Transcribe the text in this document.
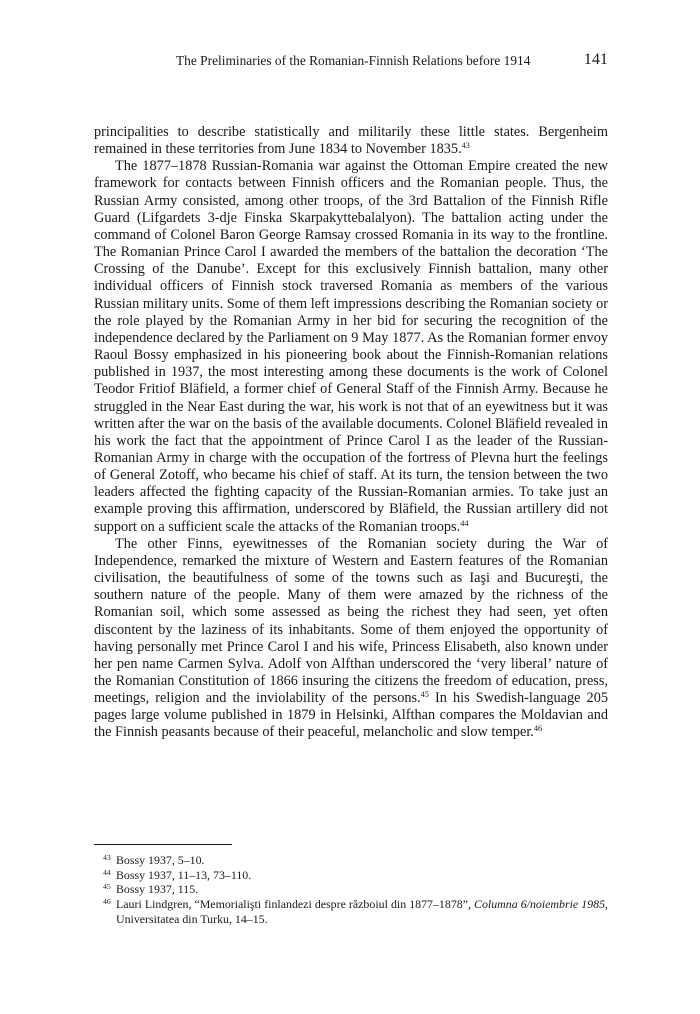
The Preliminaries of the Romanian-Finnish Relations before 1914	141

principalities to describe statistically and militarily these little states. Bergenheim remained in these territories from June 1834 to November 1835.43

The 1877–1878 Russian-Romania war against the Ottoman Empire created the new framework for contacts between Finnish officers and the Romanian people. Thus, the Russian Army consisted, among other troops, of the 3rd Battalion of the Finnish Rifle Guard (Lifgardets 3-dje Finska Skarpakyttebalalyon). The battalion acting under the command of Colonel Baron George Ramsay crossed Romania in its way to the frontline. The Romanian Prince Carol I awarded the members of the battalion the decoration ‘The Crossing of the Danube’. Except for this exclusively Finnish battalion, many other individual officers of Finnish stock traversed Romania as members of the various Russian military units. Some of them left impressions describing the Romanian society or the role played by the Romanian Army in her bid for securing the recognition of the independence declared by the Parliament on 9 May 1877. As the Romanian former envoy Raoul Bossy emphasized in his pioneering book about the Finnish-Romanian relations published in 1937, the most interesting among these documents is the work of Colonel Teodor Fritiof Bläfield, a former chief of General Staff of the Finnish Army. Because he struggled in the Near East during the war, his work is not that of an eyewitness but it was written after the war on the basis of the available documents. Colonel Bläfield revealed in his work the fact that the appointment of Prince Carol I as the leader of the Russian-Romanian Army in charge with the occupation of the fortress of Plevna hurt the feelings of General Zotoff, who became his chief of staff. At its turn, the tension between the two leaders affected the fighting capacity of the Russian-Romanian armies. To take just an example proving this affirmation, underscored by Bläfield, the Russian artillery did not support on a sufficient scale the attacks of the Romanian troops.$^{44}$

The other Finns, eyewitnesses of the Romanian society during the War of Independence, remarked the mixture of Western and Eastern features of the Romanian civilisation, the beautifulness of some of the towns such as Iaşi and Bucureşti, the southern nature of the people. Many of them were amazed by the richness of the Romanian soil, which some assessed as being the richest they had seen, yet often discontent by the laziness of its inhabitants. Some of them enjoyed the opportunity of having personally met Prince Carol I and his wife, Princess Elisabeth, also known under her pen name Carmen Sylva. Adolf von Alfthan underscored the ‘very liberal’ nature of the Romanian Constitution of 1866 insuring the citizens the freedom of education, press, meetings, religion and the inviolability of the persons.$^{45}$ In his Swedish-language 205 pages large volume published in 1879 in Helsinki, Alfthan compares the Moldavian and the Finnish peasants because of their peaceful, melancholic and slow temper.$^{46}$

43 Bossy 1937, 5–10.
44 Bossy 1937, 11–13, 73–110.
45 Bossy 1937, 115.
46 Lauri Lindgren, “Memorialişti finlandezi despre războiul din 1877–1878”, Columna 6/noiembrie 1985, Universitatea din Turku, 14–15.
